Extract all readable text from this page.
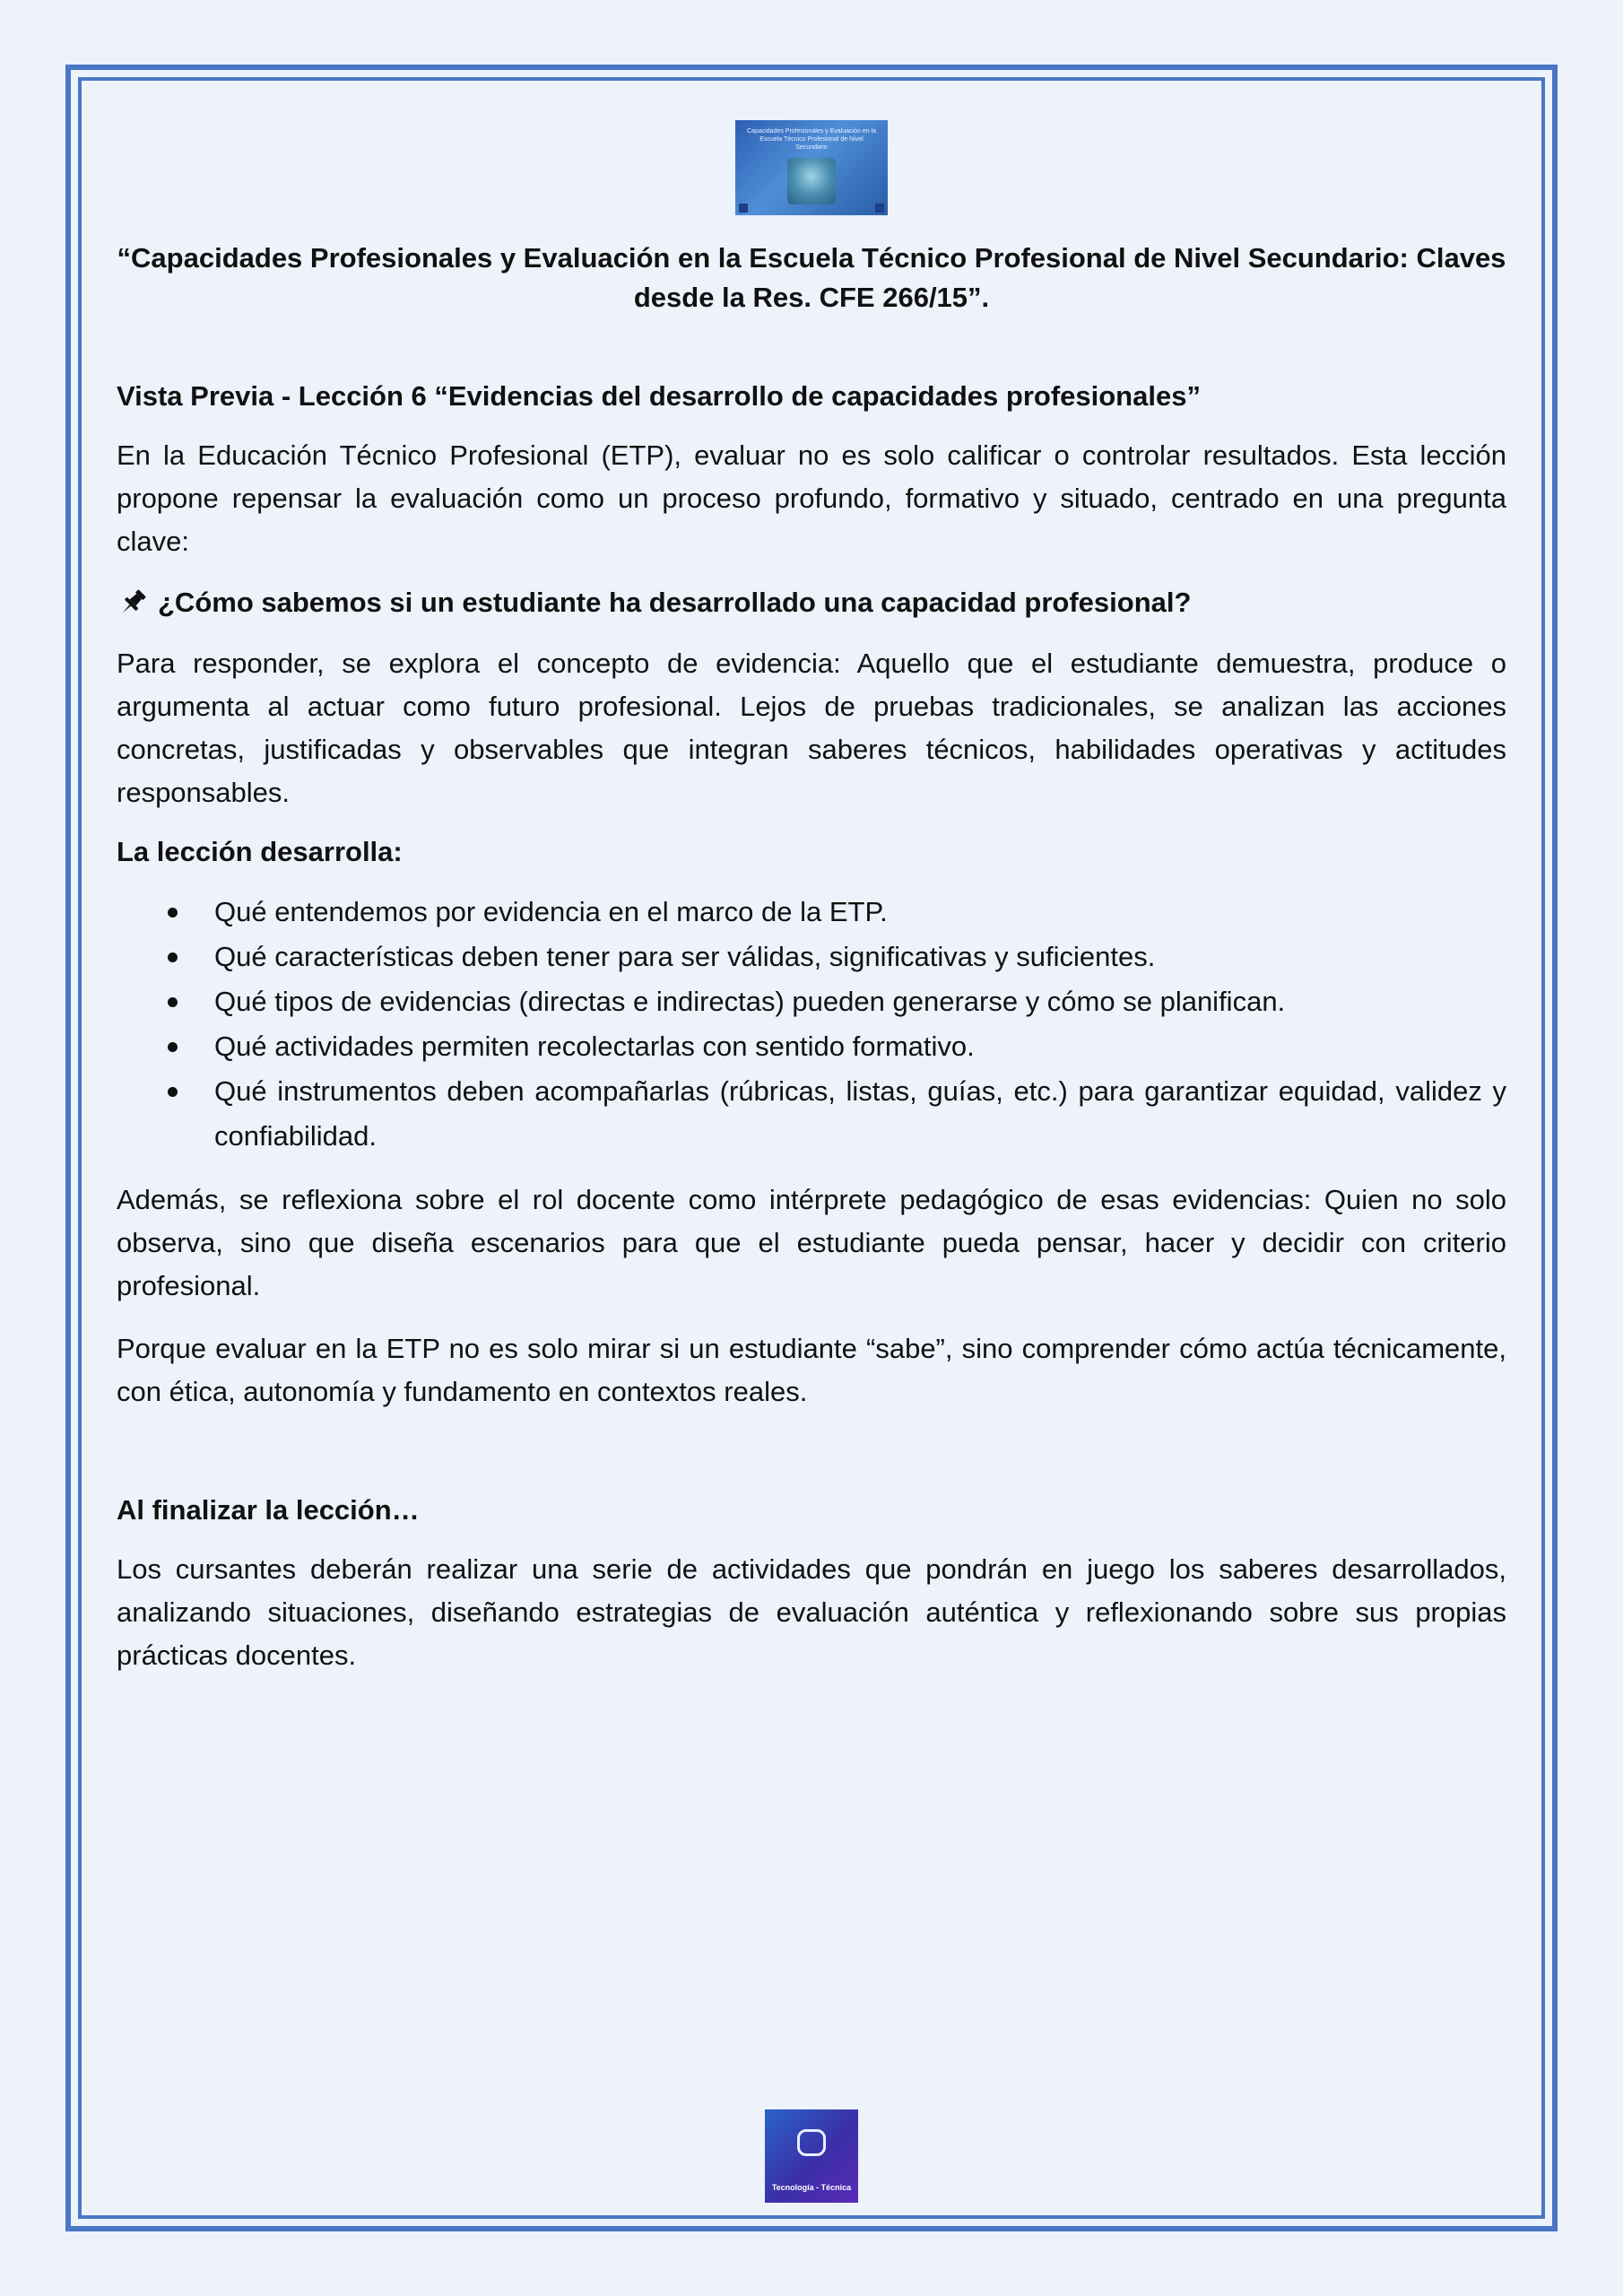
Capacidades Profesionales y Evaluación en la Escuela Técnico Profesional de Nivel Secundario
“Capacidades Profesionales y Evaluación en la Escuela Técnico Profesional de Nivel Secundario: Claves desde la Res. CFE 266/15”.
Vista Previa - Lección 6 “Evidencias del desarrollo de capacidades profesionales”

En la Educación Técnico Profesional (ETP), evaluar no es solo calificar o controlar resultados. Esta lección propone repensar la evaluación como un proceso profundo, formativo y situado, centrado en una pregunta clave:

¿Cómo sabemos si un estudiante ha desarrollado una capacidad profesional?

Para responder, se explora el concepto de evidencia: Aquello que el estudiante demuestra, produce o argumenta al actuar como futuro profesional. Lejos de pruebas tradicionales, se analizan las acciones concretas, justificadas y observables que integran saberes técnicos, habilidades operativas y actitudes responsables.

La lección desarrolla:
Qué entendemos por evidencia en el marco de la ETP.
Qué características deben tener para ser válidas, significativas y suficientes.
Qué tipos de evidencias (directas e indirectas) pueden generarse y cómo se planifican.
Qué actividades permiten recolectarlas con sentido formativo.
Qué instrumentos deben acompañarlas (rúbricas, listas, guías, etc.) para garantizar equidad, validez y confiabilidad.

Además, se reflexiona sobre el rol docente como intérprete pedagógico de esas evidencias: Quien no solo observa, sino que diseña escenarios para que el estudiante pueda pensar, hacer y decidir con criterio profesional.

Porque evaluar en la ETP no es solo mirar si un estudiante “sabe”, sino comprender cómo actúa técnicamente, con ética, autonomía y fundamento en contextos reales.

Al finalizar la lección…

Los cursantes deberán realizar una serie de actividades que pondrán en juego los saberes desarrollados, analizando situaciones, diseñando estrategias de evaluación auténtica y reflexionando sobre sus propias prácticas docentes.

Tecnología - Técnica
